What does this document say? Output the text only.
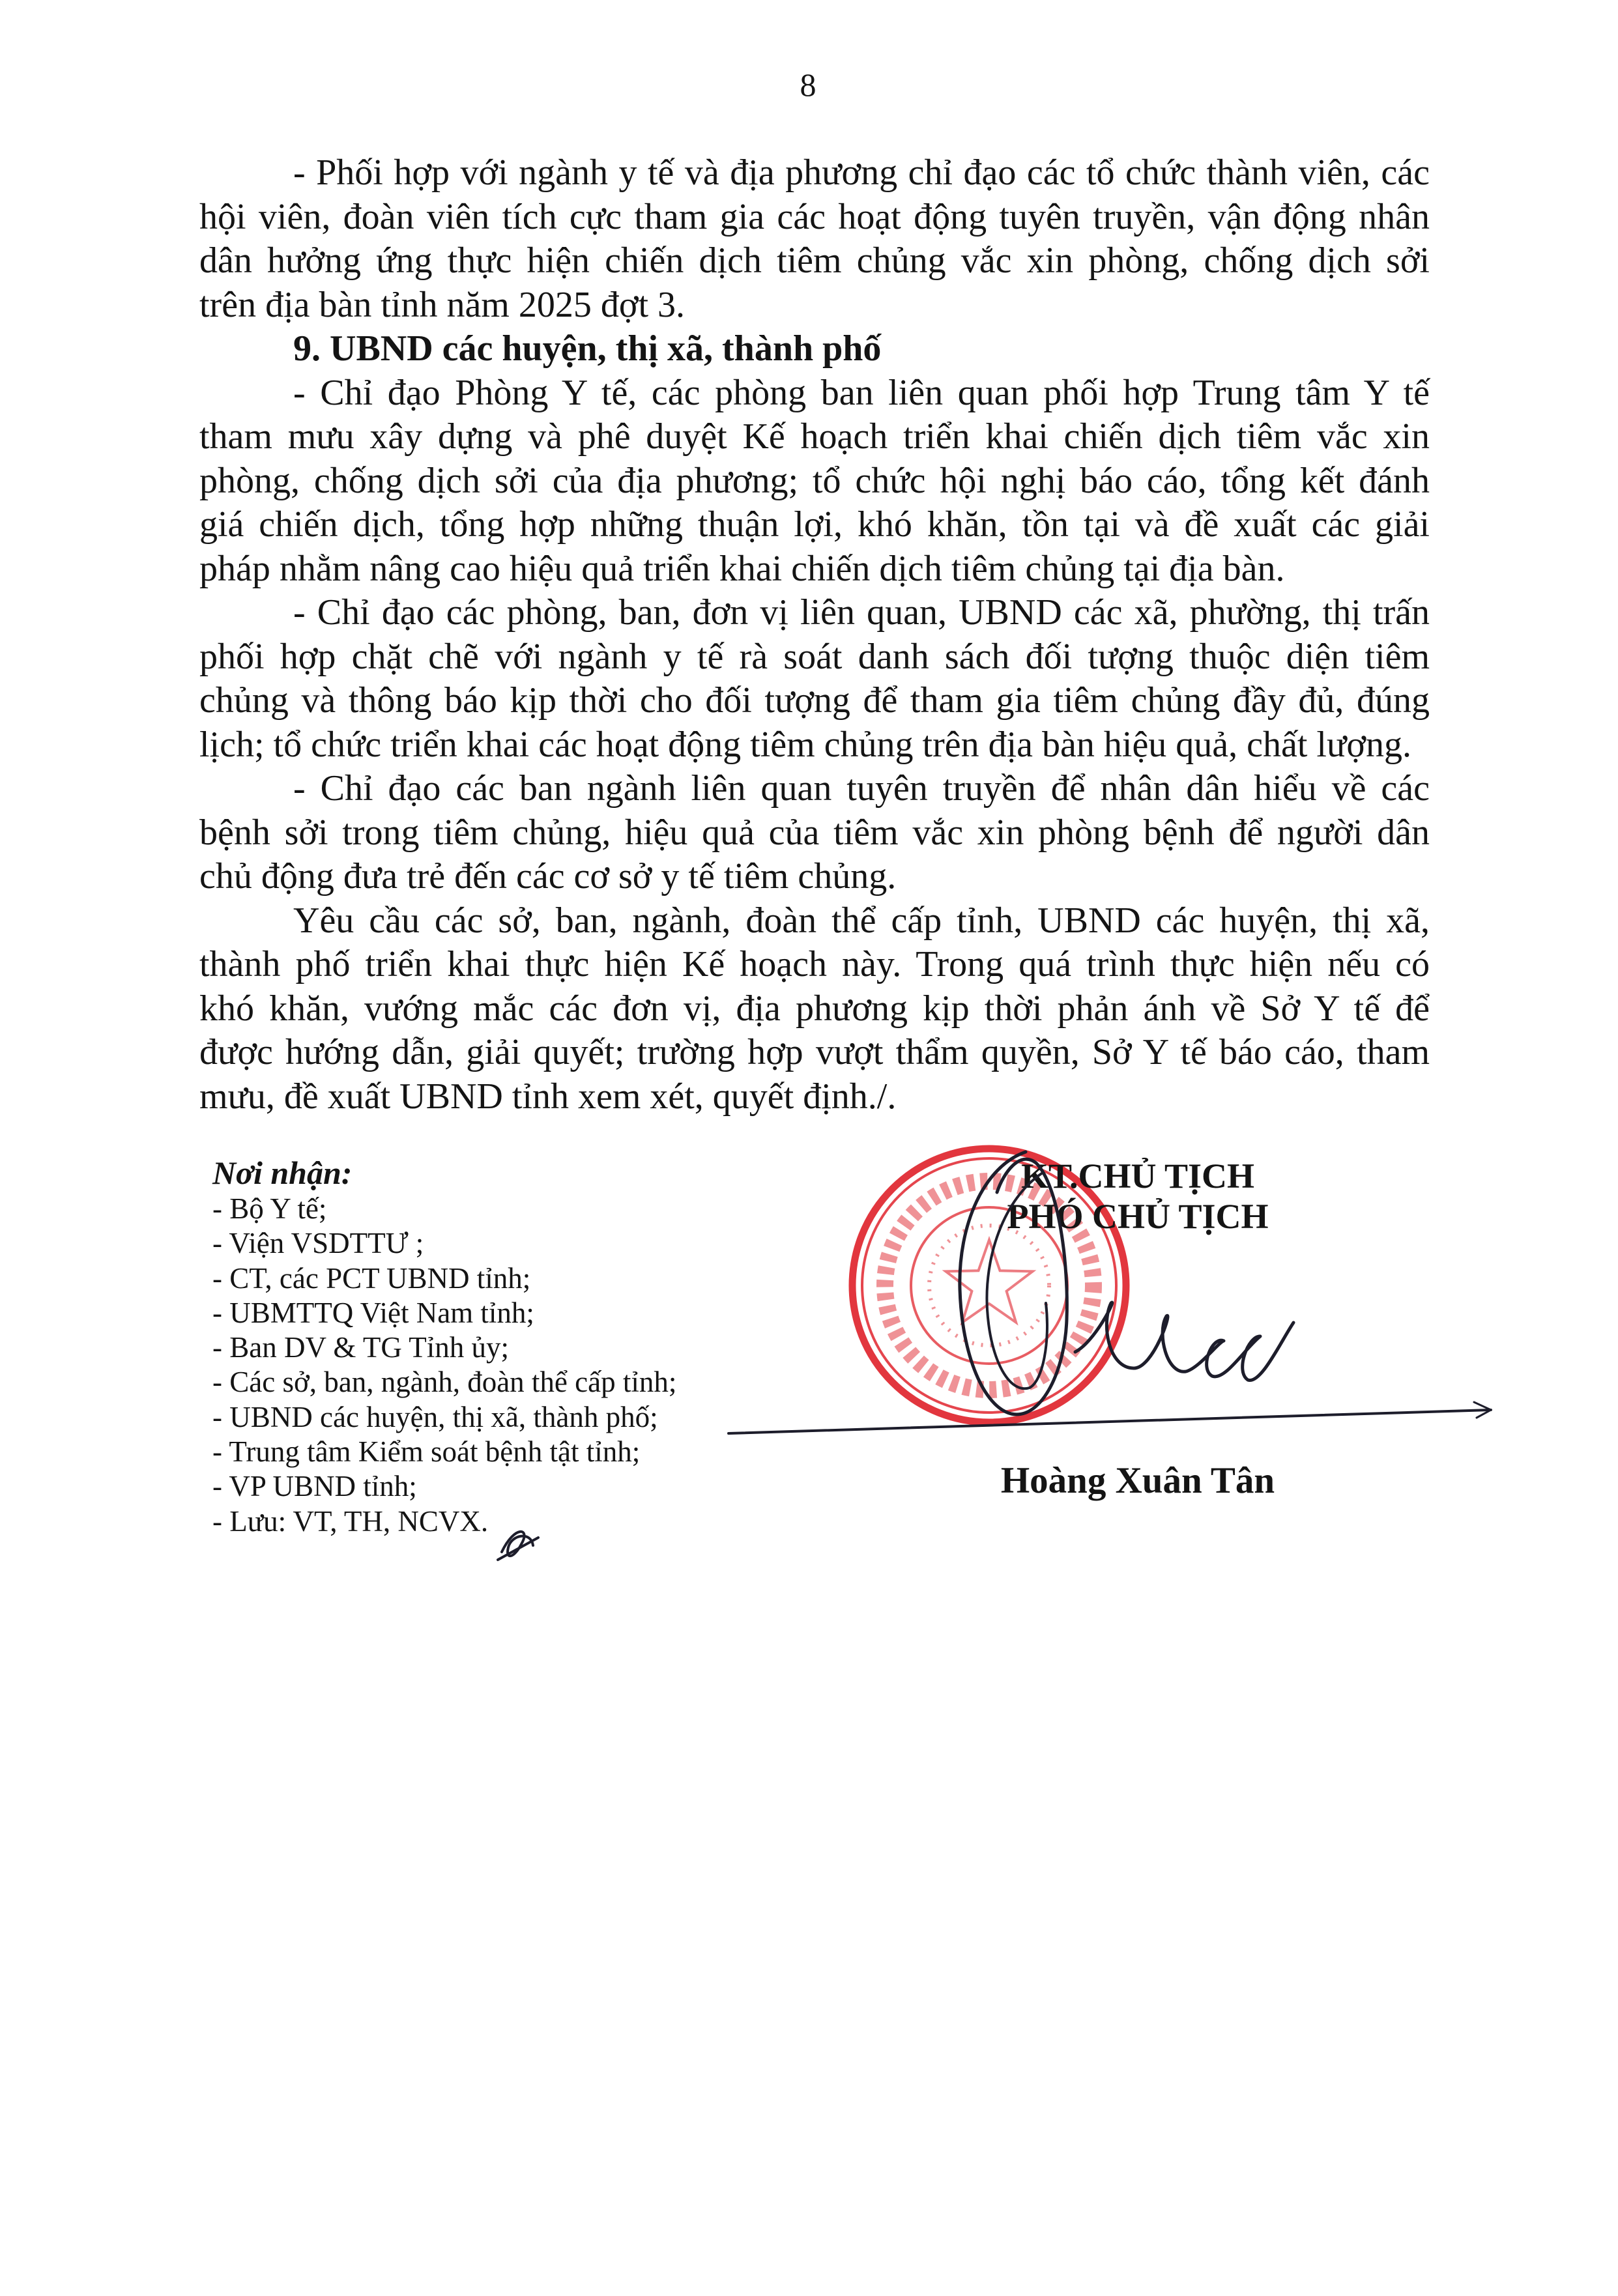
8
- Phối hợp với ngành y tế và địa phương chỉ đạo các tổ chức thành viên, các
hội viên, đoàn viên tích cực tham gia các hoạt động tuyên truyền, vận động nhân
dân hưởng ứng thực hiện chiến dịch tiêm chủng vắc xin phòng, chống dịch sởi
trên địa bàn tỉnh năm 2025 đợt 3.
9. UBND các huyện, thị xã, thành phố
- Chỉ đạo Phòng Y tế, các phòng ban liên quan phối hợp Trung tâm Y tế
tham mưu xây dựng và phê duyệt Kế hoạch triển khai chiến dịch tiêm vắc xin
phòng, chống dịch sởi của địa phương; tổ chức hội nghị báo cáo, tổng kết đánh
giá chiến dịch, tổng hợp những thuận lợi, khó khăn, tồn tại và đề xuất các giải
pháp nhằm nâng cao hiệu quả triển khai chiến dịch tiêm chủng tại địa bàn.
- Chỉ đạo các phòng, ban, đơn vị liên quan, UBND các xã, phường, thị trấn
phối hợp chặt chẽ với ngành y tế rà soát danh sách đối tượng thuộc diện tiêm
chủng và thông báo kịp thời cho đối tượng để tham gia tiêm chủng đầy đủ, đúng
lịch; tổ chức triển khai các hoạt động tiêm chủng trên địa bàn hiệu quả, chất lượng.
- Chỉ đạo các ban ngành liên quan tuyên truyền để nhân dân hiểu về các
bệnh sởi trong tiêm chủng, hiệu quả của tiêm vắc xin phòng bệnh để người dân
chủ động đưa trẻ đến các cơ sở y tế tiêm chủng.
Yêu cầu các sở, ban, ngành, đoàn thể cấp tỉnh, UBND các huyện, thị xã,
thành phố triển khai thực hiện Kế hoạch này. Trong quá trình thực hiện nếu có
khó khăn, vướng mắc các đơn vị, địa phương kịp thời phản ánh về Sở Y tế để
được hướng dẫn, giải quyết; trường hợp vượt thẩm quyền, Sở Y tế báo cáo, tham
mưu, đề xuất UBND tỉnh xem xét, quyết định./.
Nơi nhận:
- Bộ Y tế;
- Viện VSDTTƯ ;
- CT, các PCT UBND tỉnh;
- UBMTTQ Việt Nam tỉnh;
- Ban DV & TG Tỉnh ủy;
- Các sở, ban, ngành, đoàn thể cấp tỉnh;
- UBND các huyện, thị xã, thành phố;
- Trung tâm Kiểm soát bệnh tật tỉnh;
- VP UBND tỉnh;
- Lưu: VT, TH, NCVX.
KT.CHỦ TỊCH
PHÓ CHỦ TỊCH
Hoàng Xuân Tân
